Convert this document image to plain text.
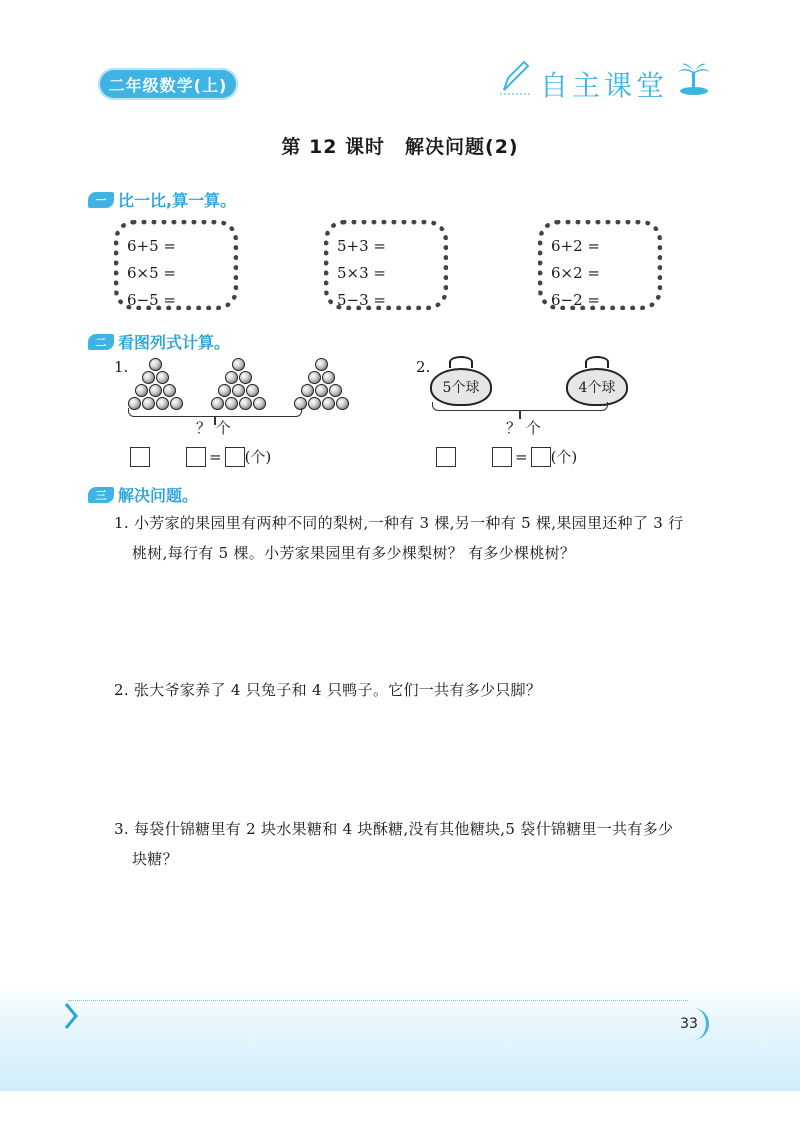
二年级数学(上)	自主课堂
第 12 课时　解决问题(2)
一 比一比,算一算。
6+5 =
6×5 =
6−5 =
5+3 =
5×3 =
5−3 =
6+2 =
6×2 =
6−2 =
二 看图列式计算。
1.
？ 个
= (个)
2.
5个球	4个球
？ 个
= (个)
三 解决问题。
1. 小芳家的果园里有两种不同的梨树,一种有 3 棵,另一种有 5 棵,果园里还种了 3 行
桃树,每行有 5 棵。小芳家果园里有多少棵梨树？ 有多少棵桃树？
2. 张大爷家养了 4 只兔子和 4 只鸭子。它们一共有多少只脚？
3. 每袋什锦糖里有 2 块水果糖和 4 块酥糖,没有其他糖块,5 袋什锦糖里一共有多少
块糖？
33
